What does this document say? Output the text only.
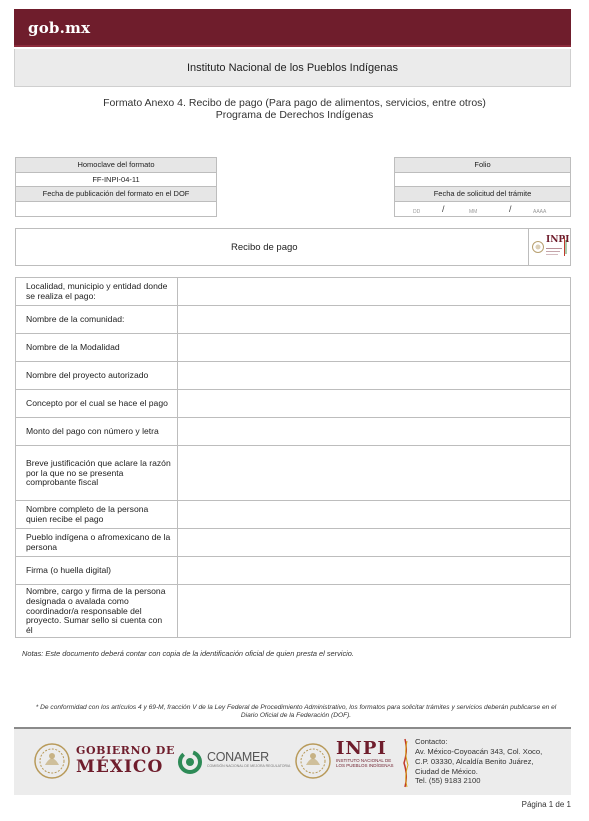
gob.mx
Instituto Nacional de los Pueblos Indígenas
Formato Anexo 4. Recibo de pago (Para pago de alimentos, servicios, entre otros)
Programa de Derechos Indígenas
Homoclave del formato
FF-INPI-04-11
Fecha de publicación del formato en el DOF
Folio
Fecha de solicitud del trámite
DD /	MM	/	AAAA
Recibo de pago
INPI
Localidad, municipio y entidad donde se realiza el pago:
Nombre de la comunidad:
Nombre de la Modalidad
Nombre del proyecto autorizado
Concepto por el cual se hace el pago
Monto del pago con número y letra
Breve justificación que aclare la razón por la que no se presenta comprobante fiscal
Nombre completo de la persona quien recibe el pago
Pueblo indígena o afromexicano de la persona
Firma (o huella digital)
Nombre, cargo y firma de la persona designada o avalada como coordinador/a responsable del proyecto. Sumar sello si cuenta con él
Notas: Este documento deberá contar con copia de la identificación oficial de quien presta el servicio.
* De conformidad con los artículos 4 y 69-M, fracción V de la Ley Federal de Procedimiento Administrativo, los formatos para solicitar trámites y servicios deberán publicarse en el Diario Oficial de la Federación (DOF).
GOBIERNO DE
MÉXICO	CONAMER
COMISIÓN NACIONAL DE MEJORA REGULATORIA
INPI
INSTITUTO NACIONAL DE LOS PUEBLOS INDÍGENAS
Contacto:
Av. México-Coyoacán 343, Col. Xoco,
C.P. 03330, Alcaldía Benito Juárez,
Ciudad de México.
Tel. (55) 9183 2100
Página 1 de 1
